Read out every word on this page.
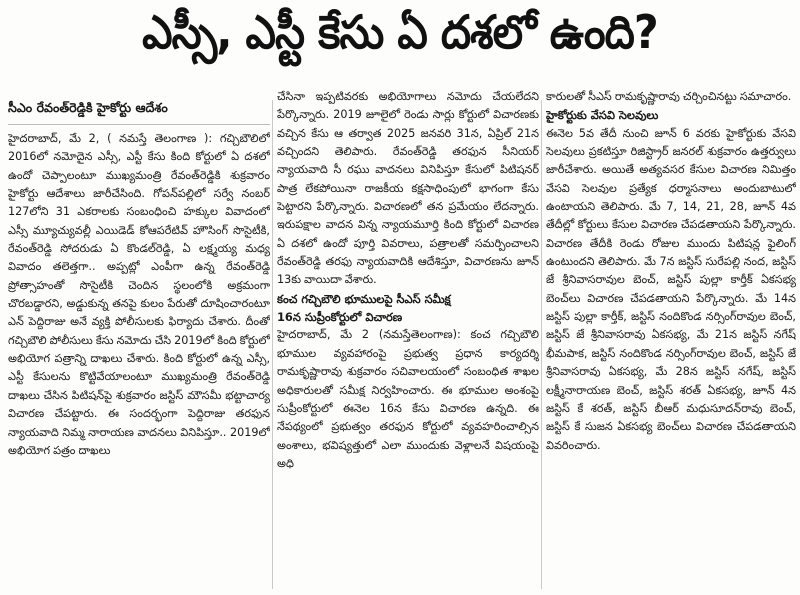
ఎస్సీ, ఎస్టీ కేసు ఏ దశలో ఉంది?
సీఎం రేవంత్‌రెడ్డికి హైకోర్టు ఆదేశం

హైదరాబాద్, మే 2, ( నమస్తే తెలంగాణ ): గచ్చిబౌలిలో 2016లో నమోదైన ఎస్సీ, ఎస్టీ కేసు కింది కోర్టులో ఏ దశలో ఉందో చెప్పాలంటూ ముఖ్యమంత్రి రేవంత్‌రెడ్డికి శుక్రవారం హైకోర్టు ఆదేశాలు జారీచేసింది. గోపన్‌పల్లిలో సర్వే నంబర్ 127లోని 31 ఎకరాలకు సంబంధించి హక్కుల వివాదంలో ఎస్సీ మ్యూచ్యువల్లీ ఎయిడెడ్ కోఆపరేటివ్ హౌసింగ్ సొసైటీకి, రేవంత్‌రెడ్డి సోదరుడు ఏ కొండల్‌రెడ్డి, ఏ లక్ష్మయ్య మధ్య వివాదం తలెత్తగా.. అప్పట్లో ఎంపీగా ఉన్న రేవంత్‌రెడ్డి ప్రోత్సాహంతో సొసైటీకి చెందిన స్థలంలోకి అక్రమంగా చొరబడ్డారని, అడ్డుకున్న తనపై కులం పేరుతో దూషించారంటూ ఎన్ పెద్దిరాజు అనే వ్యక్తి పోలీసులకు ఫిర్యాదు చేశారు. దీంతో గచ్చిబౌలి పోలీసులు కేసు నమోదు చేసి 2019లో కింది కోర్టులో అభియోగ పత్రాన్ని దాఖలు చేశారు. కింది కోర్టులో ఉన్న ఎస్సీ, ఎస్టీ కేసులను కొట్టివేయాలంటూ ముఖ్యమంత్రి రేవంత్‌రెడ్డి దాఖలు చేసిన పిటిషన్‌పై శుక్రవారం జస్టిస్ మౌసమీ భట్టాచార్య విచారణ చేపట్టారు. ఈ సందర్భంగా పెద్దిరాజు తరఫున న్యాయవాది నిమ్మ నారాయణ వాదనలు వినిపిస్తూ.. 2019లో అభియోగ పత్రం దాఖలు

చేసినా ఇప్పటివరకు అభియోగాలు నమోదు చేయలేదని పేర్కొన్నారు. 2019 జూలైలో రెండు సార్లు కోర్టులో విచారణకు వచ్చిన కేసు ఆ తర్వాత 2025 జనవరి 31న, ఏప్రిల్ 21న వచ్చిందని తెలిపారు. రేవంత్‌రెడ్డి తరఫున సీనియర్ న్యాయవాది సీ రఘు వాదనలు వినిపిస్తూ కేసులో పిటిషనర్ పాత్ర లేకపోయినా రాజకీయ కక్షసాధింపులో భాగంగా కేసు పెట్టారని పేర్కొన్నారు. విచారణలో తన ప్రమేయం లేదన్నారు. ఇరుపక్షాల వాదన విన్న న్యాయమూర్తి కింది కోర్టులో విచారణ ఏ దశలో ఉందో పూర్తి వివరాలు, పత్రాలతో సమర్పించాలని రేవంత్‌రెడ్డి తరఫు న్యాయవాదికి ఆదేశిస్తూ, విచారణను జూన్ 13కు వాయిదా వేశారు.

కంచ గచ్చిబౌలి భూములపై సీఎస్ సమీక్ష
16న సుప్రీంకోర్టులో విచారణ

హైదరాబాద్, మే 2 (నమస్తేతెలంగాణ): కంచ గచ్చిబౌలి భూముల వ్యవహారంపై ప్రభుత్వ ప్రధాన కార్యదర్శి రామకృష్ణారావు శుక్రవారం సచివాలయంలో సంబంధిత శాఖల అధికారులతో సమీక్ష నిర్వహించారు. ఈ భూముల అంశంపై సుప్రీంకోర్టులో ఈనెల 16న కేసు విచారణ ఉన్నది. ఈ నేపథ్యంలో ప్రభుత్వం తరఫున కోర్టులో వ్యవహరించాల్సిన అంశాలు, భవిష్యత్తులో ఎలా ముందుకు వెళ్లాలనే విషయంపై అధి

కారులతో సీఎస్ రామకృష్ణారావు చర్చించినట్టు సమాచారం.

హైకోర్టుకు వేసవి సెలవులు

ఈనెల 5వ తేదీ నుంచి జూన్ 6 వరకు హైకోర్టుకు వేసవి సెలవులు ప్రకటిస్తూ రిజిస్ట్రార్ జనరల్ శుక్రవారం ఉత్తర్వులు జారీచేశారు. అయితే అత్యవసర కేసుల విచారణ నిమిత్తం వేసవి సెలవుల ప్రత్యేక ధర్మాసనాలు అందుబాటులో ఉంటాయని తెలిపారు. మే 7, 14, 21, 28, జూన్ 4వ తేదీల్లో కోర్టులు కేసుల విచారణ చేపడతాయని పేర్కొన్నారు. విచారణ తేదీకి రెండు రోజుల ముందు పిటిషన్ల ఫైలింగ్ ఉంటుందని తెలిపారు. మే 7న జస్టిస్ సురేపల్లి నంద, జస్టిస్ జే శ్రీనివాసరావుల బెంచ్, జస్టిస్ పుల్లా కార్తీక్ ఏకసభ్య బెంచ్‌లు విచారణ చేపడతాయని పేర్కొన్నారు. మే 14న జస్టిస్ పుల్లా కార్తీక్, జస్టిస్ నందికొండ నర్సింగ్‌రావుల బెంచ్, జస్టిస్ జే శ్రీనివాసరావు ఏకసభ్య, మే 21న జస్టిస్ నగేష్ భీమపాక, జస్టిస్ నందికొండ నర్సింగ్‌రావుల బెంచ్, జస్టిస్ జే శ్రీనివాసరావు ఏకసభ్య, మే 28న జస్టిస్ నగేష్, జస్టిస్ లక్ష్మీనారాయణ బెంచ్, జస్టిస్ శరత్ ఏకసభ్య, జూన్ 4న జస్టిస్ కే శరత్, జస్టిస్ బీఆర్ మధుసూదన్‌రావు బెంచ్, జస్టిస్ కే సుజన ఏకసభ్య బెంచ్‌లు విచారణ చేపడతాయని వివరించారు.
